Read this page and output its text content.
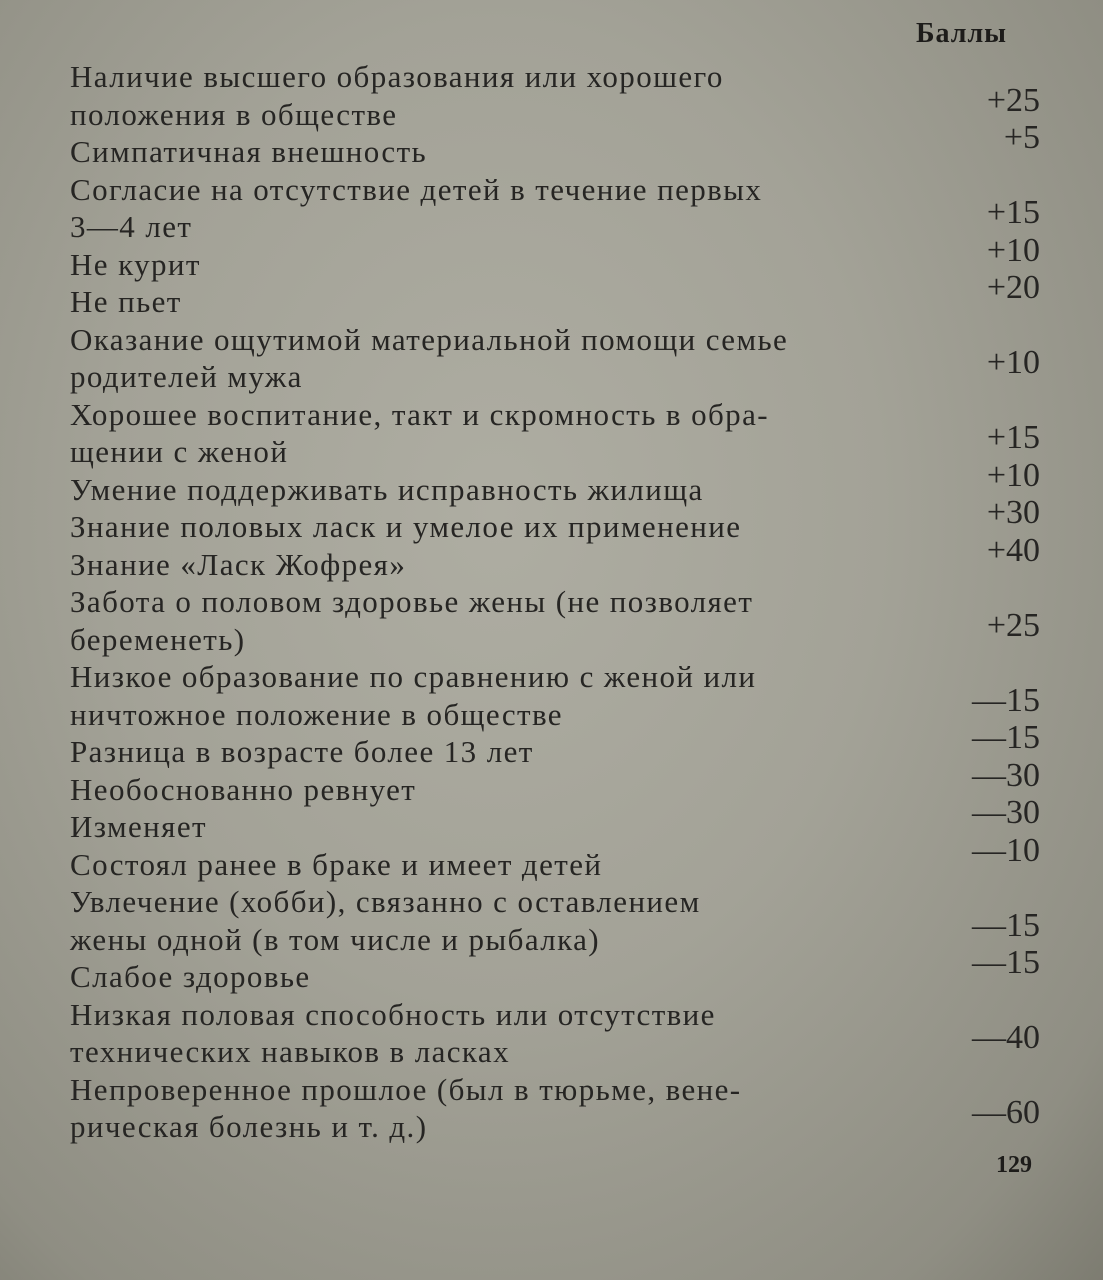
Баллы
Наличие высшего образования или хорошего
положения в обществе	+25
Симпатичная внешность	+5
Согласие на отсутствие детей в течение первых
3—4 лет	+15
Не курит	+10
Не пьет	+20
Оказание ощутимой материальной помощи семье
родителей мужа	+10
Хорошее воспитание, такт и скромность в обра-
щении с женой	+15
Умение поддерживать исправность жилища	+10
Знание половых ласк и умелое их применение	+30
Знание «Ласк Жофрея»	+40
Забота о половом здоровье жены (не позволяет
беременеть)	+25
Низкое образование по сравнению с женой или
ничтожное положение в обществе	—15
Разница в возрасте более 13 лет	—15
Необоснованно ревнует	—30
Изменяет	—30
Состоял ранее в браке и имеет детей	—10
Увлечение (хобби), связанно с оставлением
жены одной (в том числе и рыбалка)	—15
Слабое здоровье	—15
Низкая половая способность или отсутствие
технических навыков в ласках	—40
Непроверенное прошлое (был в тюрьме, вене-
рическая болезнь и т. д.)	—60
129
